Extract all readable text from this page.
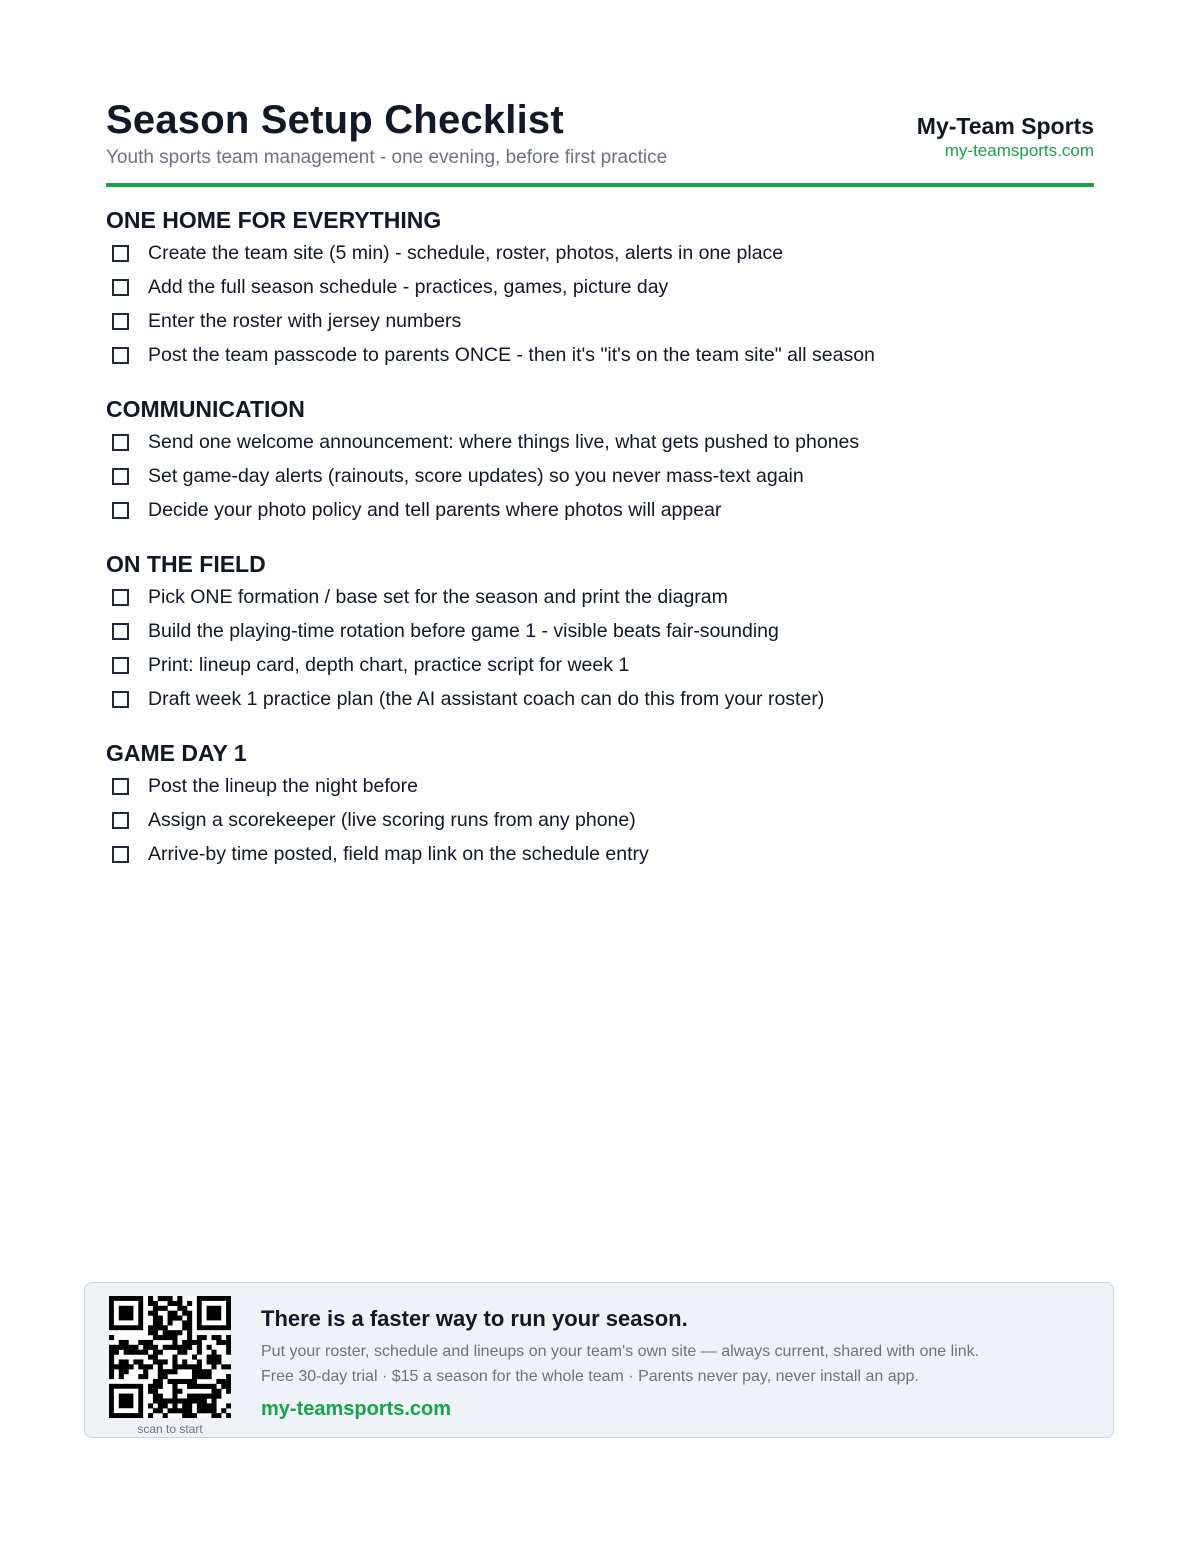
Season Setup Checklist
Youth sports team management - one evening, before first practice
My-Team Sports
my-teamsports.com
ONE HOME FOR EVERYTHING
Create the team site (5 min) - schedule, roster, photos, alerts in one place
Add the full season schedule - practices, games, picture day
Enter the roster with jersey numbers
Post the team passcode to parents ONCE - then it's "it's on the team site" all season
COMMUNICATION
Send one welcome announcement: where things live, what gets pushed to phones
Set game-day alerts (rainouts, score updates) so you never mass-text again
Decide your photo policy and tell parents where photos will appear
ON THE FIELD
Pick ONE formation / base set for the season and print the diagram
Build the playing-time rotation before game 1 - visible beats fair-sounding
Print: lineup card, depth chart, practice script for week 1
Draft week 1 practice plan (the AI assistant coach can do this from your roster)
GAME DAY 1
Post the lineup the night before
Assign a scorekeeper (live scoring runs from any phone)
Arrive-by time posted, field map link on the schedule entry
scan to start
There is a faster way to run your season.
Put your roster, schedule and lineups on your team's own site — always current, shared with one link.
Free 30-day trial · $15 a season for the whole team · Parents never pay, never install an app.
my-teamsports.com
